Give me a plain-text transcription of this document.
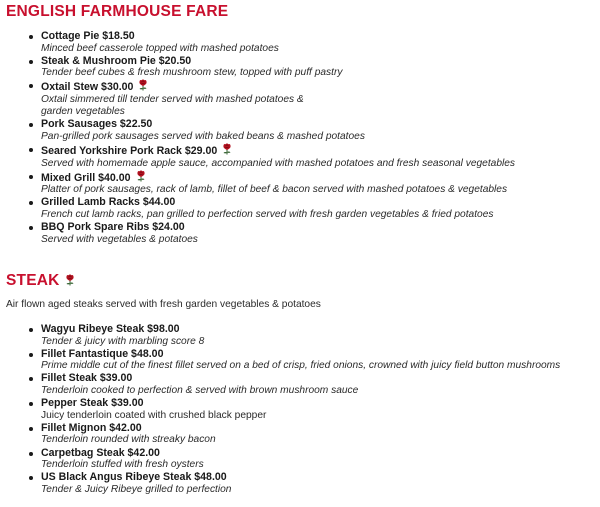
ENGLISH FARMHOUSE FARE
Cottage Pie $18.50
Minced beef casserole topped with mashed potatoes
Steak & Mushroom Pie $20.50
Tender beef cubes & fresh mushroom stew, topped with puff pastry
Oxtail Stew $30.00
Oxtail simmered till tender served with mashed potatoes &
garden vegetables
Pork Sausages $22.50
Pan-grilled pork sausages served with baked beans & mashed potatoes
Seared Yorkshire Pork Rack $29.00
Served with homemade apple sauce, accompanied with mashed potatoes and fresh seasonal vegetables
Mixed Grill $40.00
Platter of pork sausages, rack of lamb, fillet of beef & bacon served with mashed potatoes & vegetables
Grilled Lamb Racks $44.00
French cut lamb racks, pan grilled to perfection served with fresh garden vegetables & fried potatoes
BBQ Pork Spare Ribs $24.00
Served with vegetables & potatoes
STEAK

Air flown aged steaks served with fresh garden vegetables & potatoes

Wagyu Ribeye Steak $98.00
Tender & juicy with marbling score 8
Fillet Fantastique $48.00
Prime middle cut of the finest fillet served on a bed of crisp, fried onions, crowned with juicy field button mushrooms
Fillet Steak $39.00
Tenderloin cooked to perfection & served with brown mushroom sauce
Pepper Steak $39.00
Juicy tenderloin coated with crushed black pepper
Fillet Mignon $42.00
Tenderloin rounded with streaky bacon
Carpetbag Steak $42.00
Tenderloin stuffed with fresh oysters
US Black Angus Ribeye Steak $48.00
Tender & Juicy Ribeye grilled to perfection
